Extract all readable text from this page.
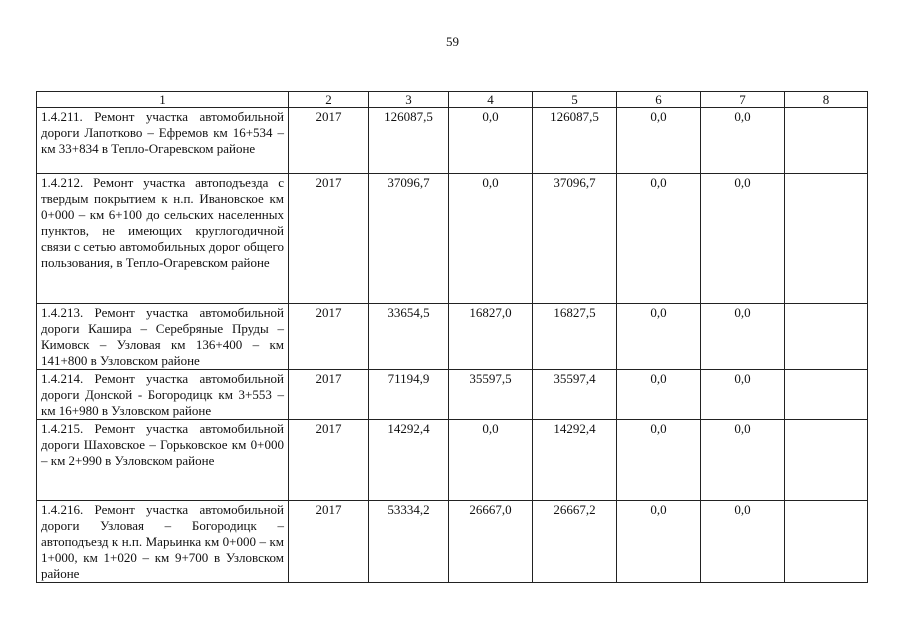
59
1	2	3	4	5	6	7	8
1.4.211. Ремонт участка автомобильной дороги Лапотково – Ефремов км 16+534 – км 33+834 в Тепло-Огаревском районе	2017	126087,5	0,0	126087,5	0,0	0,0	
1.4.212. Ремонт участка автоподъезда с твердым покрытием к н.п. Ивановское км 0+000 – км 6+100 до сельских населенных пунктов, не имеющих круглогодичной связи с сетью автомобильных дорог общего пользования, в Тепло-Огаревском районе	2017	37096,7	0,0	37096,7	0,0	0,0	
1.4.213. Ремонт участка автомобильной дороги Кашира – Серебряные Пруды – Кимовск – Узловая км 136+400 – км 141+800 в Узловском районе	2017	33654,5	16827,0	16827,5	0,0	0,0	
1.4.214. Ремонт участка автомобильной дороги Донской - Богородицк км 3+553 – км 16+980 в Узловском районе	2017	71194,9	35597,5	35597,4	0,0	0,0	
1.4.215. Ремонт участка автомобильной дороги Шаховское – Горьковское км 0+000 – км 2+990 в Узловском районе	2017	14292,4	0,0	14292,4	0,0	0,0	
1.4.216. Ремонт участка автомобильной дороги Узловая – Богородицк – автоподъезд к н.п. Марьинка км 0+000 – км 1+000, км 1+020 – км 9+700 в Узловском районе	2017	53334,2	26667,0	26667,2	0,0	0,0	
